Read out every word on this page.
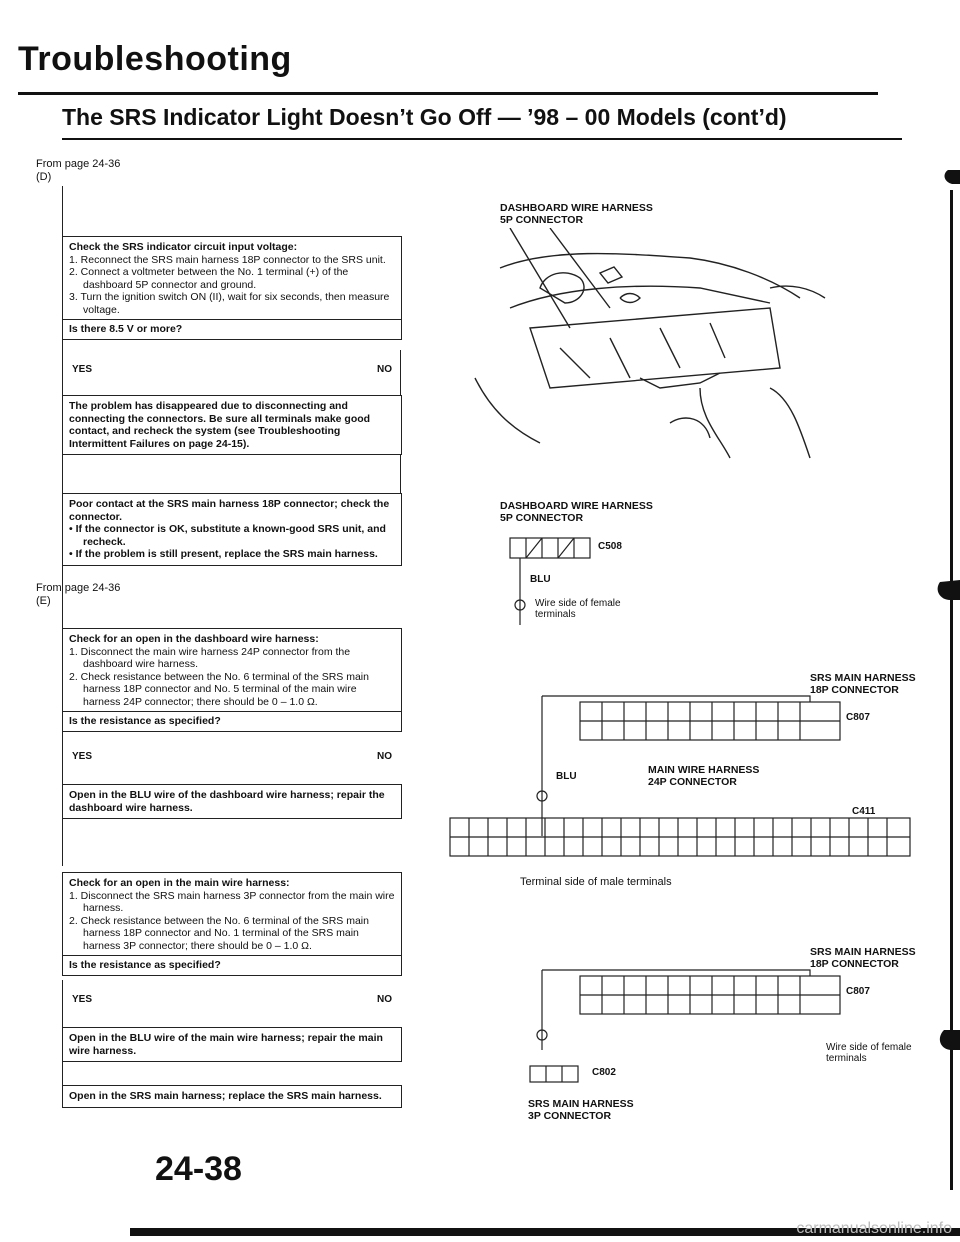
Troubleshooting
The SRS Indicator Light Doesn’t Go Off — ’98 – 00 Models (cont’d)
From page 24-36
(D)
Check the SRS indicator circuit input voltage:
1. Reconnect the SRS main harness 18P connector to the SRS unit.
2. Connect a voltmeter between the No. 1 terminal (+) of the dashboard 5P connector and ground.
3. Turn the ignition switch ON (II), wait for six seconds, then measure voltage.
Is there 8.5 V or more?
YES	NO
The problem has disappeared due to disconnecting and connecting the connectors. Be sure all terminals make good contact, and recheck the system (see Troubleshooting Intermittent Failures on page 24-15).
Poor contact at the SRS main harness 18P connector; check the connector.
• If the connector is OK, substitute a known-good SRS unit, and recheck.
• If the problem is still present, replace the SRS main harness.
From page 24-36
(E)
Check for an open in the dashboard wire harness:
1. Disconnect the main wire harness 24P connector from the dashboard wire harness.
2. Check resistance between the No. 6 terminal of the SRS main harness 18P connector and No. 5 terminal of the main wire harness 24P connector; there should be 0 – 1.0 Ω.
Is the resistance as specified?
YES	NO
Open in the BLU wire of the dashboard wire harness; repair the dashboard wire harness.
Check for an open in the main wire harness:
1. Disconnect the SRS main harness 3P connector from the main wire harness.
2. Check resistance between the No. 6 terminal of the SRS main harness 18P connector and No. 1 terminal of the SRS main harness 3P connector; there should be 0 – 1.0 Ω.
Is the resistance as specified?
YES	NO
Open in the BLU wire of the main wire harness; repair the main wire harness.
Open in the SRS main harness; replace the SRS main harness.
DASHBOARD WIRE HARNESS
5P CONNECTOR
DASHBOARD WIRE HARNESS
5P CONNECTOR
C508
BLU
Wire side of female
terminals
SRS MAIN HARNESS
18P CONNECTOR
C807
BLU
MAIN WIRE HARNESS
24P CONNECTOR
C411
Terminal side of male terminals
SRS MAIN HARNESS
18P CONNECTOR
C807
Wire side of female
terminals
C802
SRS MAIN HARNESS
3P CONNECTOR
24-38
carmanualsonline.info
